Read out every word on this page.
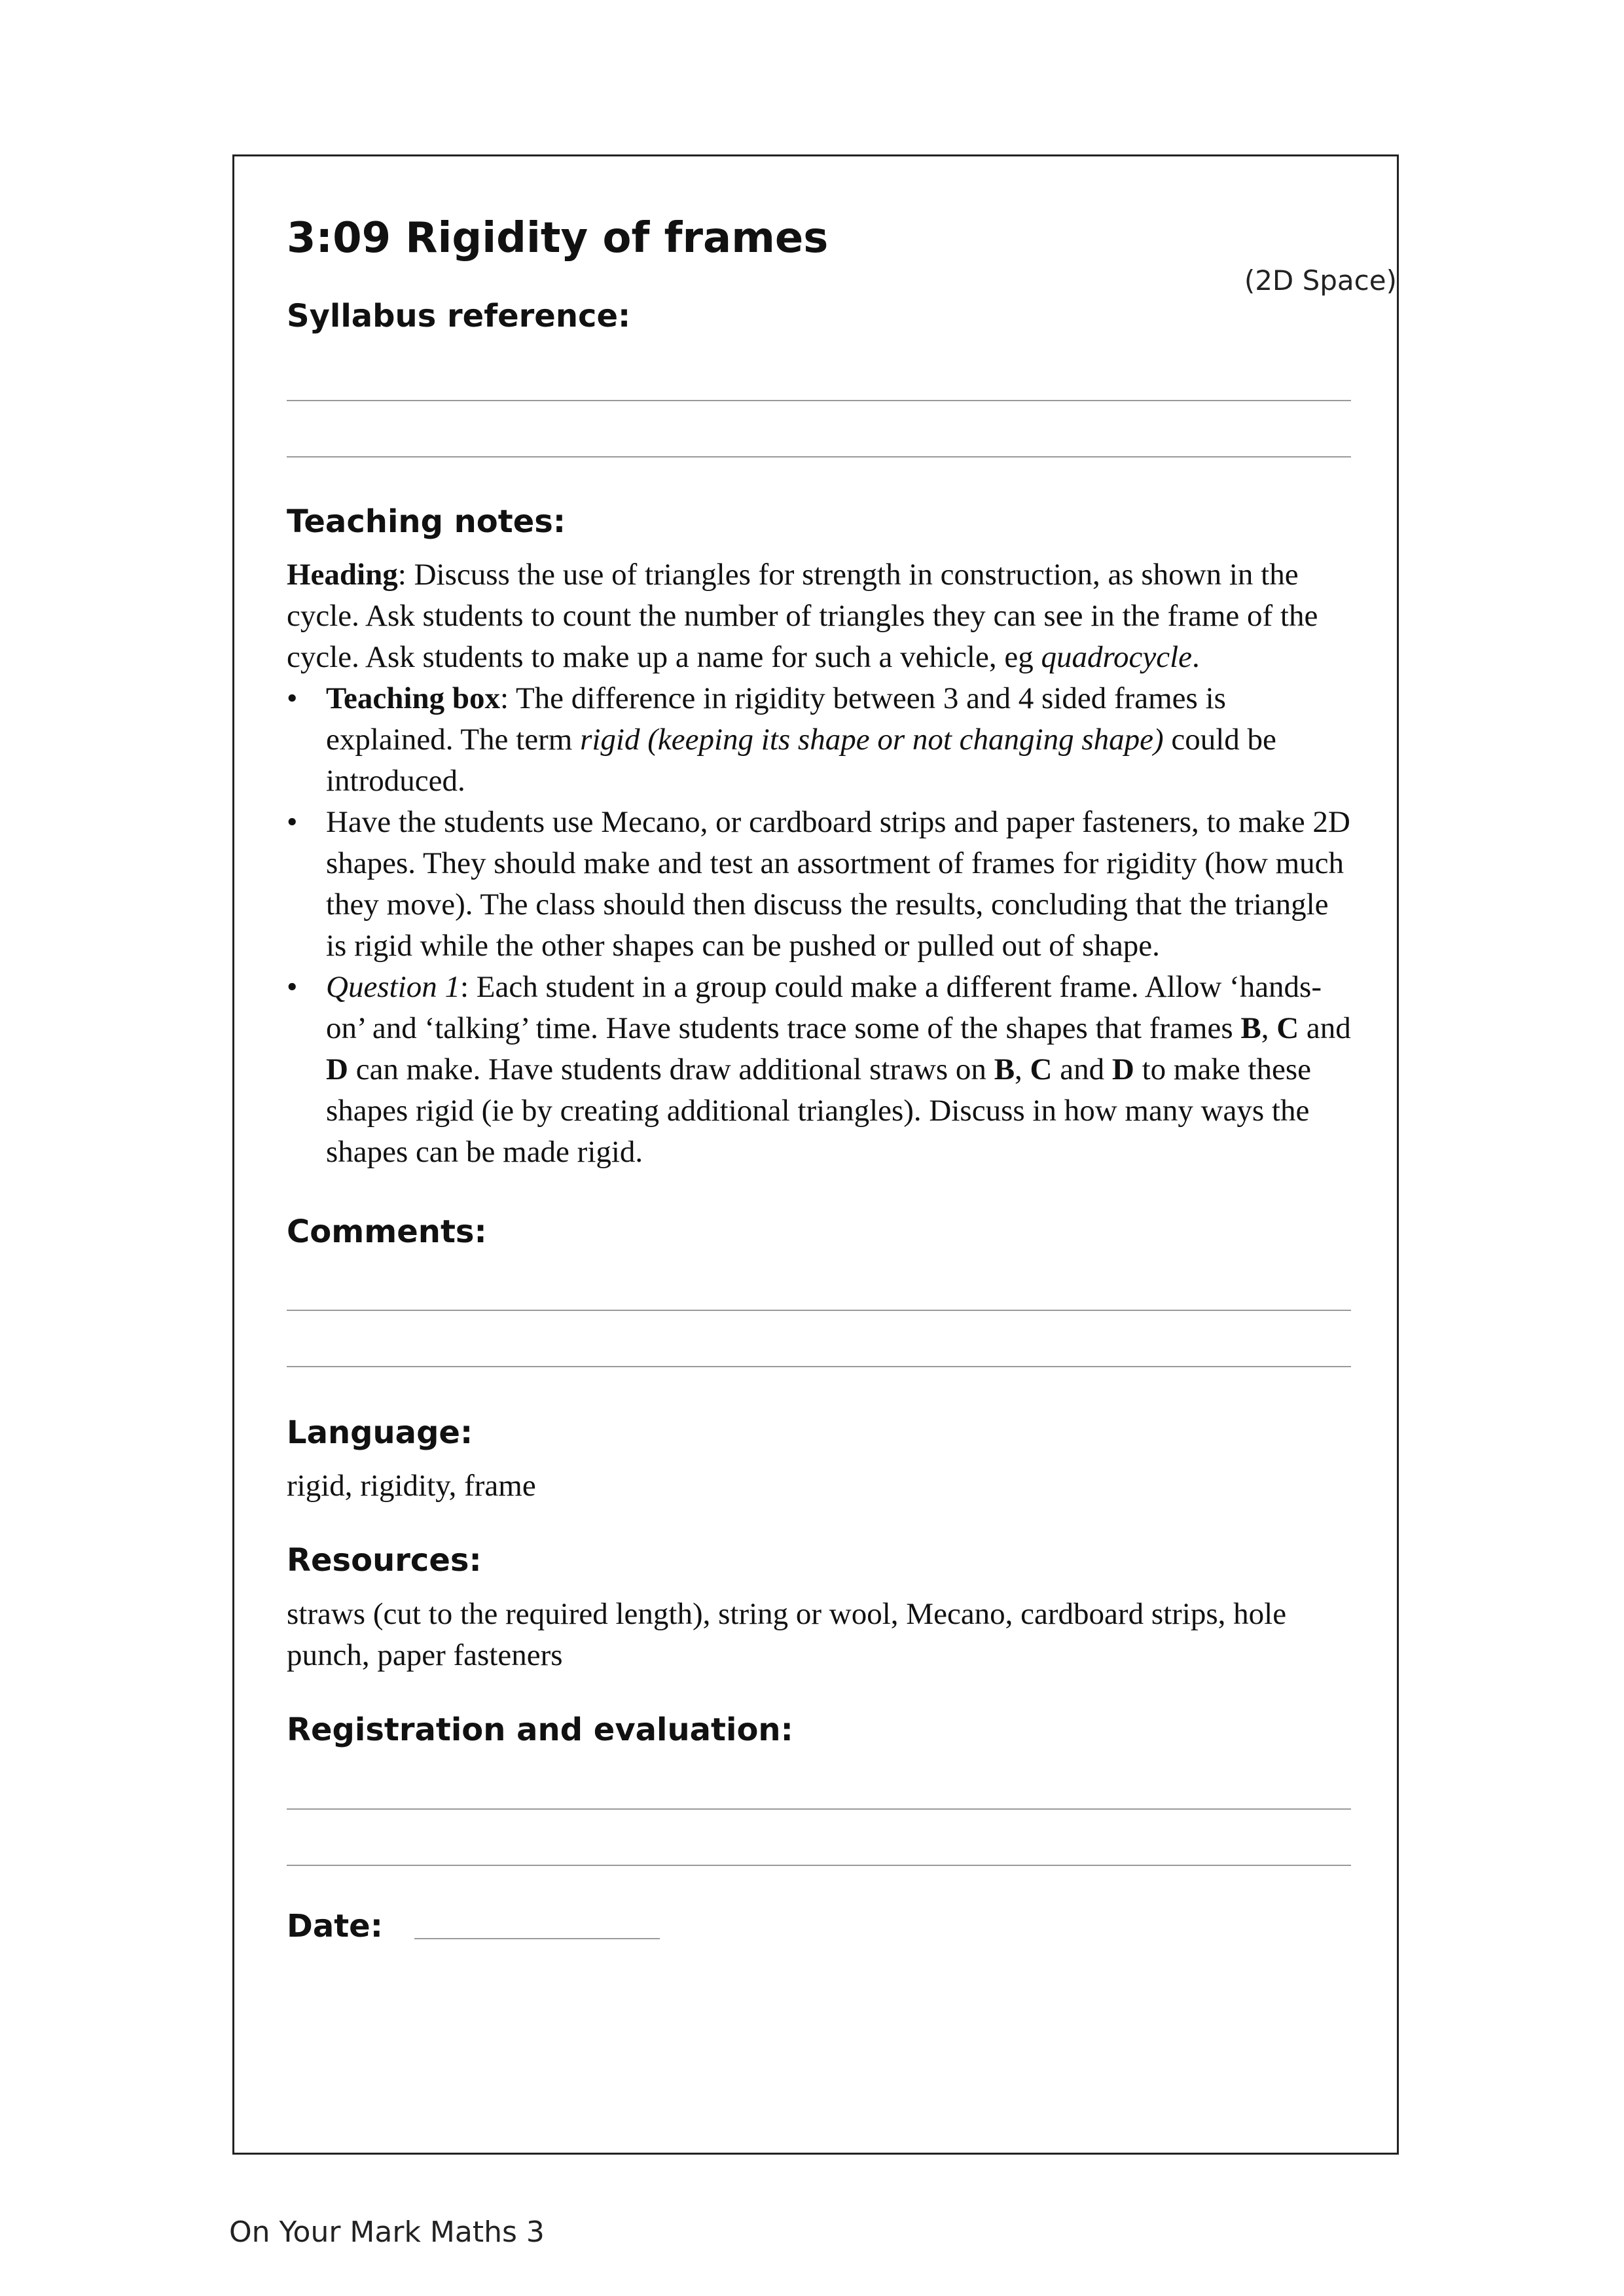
(2D Space)
3:09 Rigidity of frames
Syllabus reference:
Teaching notes:

Heading: Discuss the use of triangles for strength in construction, as shown in the cycle. Ask students to count the number of triangles they can see in the frame of the cycle. Ask students to make up a name for such a vehicle, eg quadrocycle.

• Teaching box: The difference in rigidity between 3 and 4 sided frames is explained. The term rigid (keeping its shape or not changing shape) could be introduced.
• Have the students use Mecano, or cardboard strips and paper fasteners, to make 2D shapes. They should make and test an assortment of frames for rigidity (how much they move). The class should then discuss the results, concluding that the triangle is rigid while the other shapes can be pushed or pulled out of shape.
• Question 1: Each student in a group could make a different frame. Allow ‘hands-on’ and ‘talking’ time. Have students trace some of the shapes that frames B, C and D can make. Have students draw additional straws on B, C and D to make these shapes rigid (ie by creating additional triangles). Discuss in how many ways the shapes can be made rigid.
Comments:
Language:

rigid, rigidity, frame

Resources:

straws (cut to the required length), string or wool, Mecano, cardboard strips, hole punch, paper fasteners

Registration and evaluation:
Date:
On Your Mark Maths 3
